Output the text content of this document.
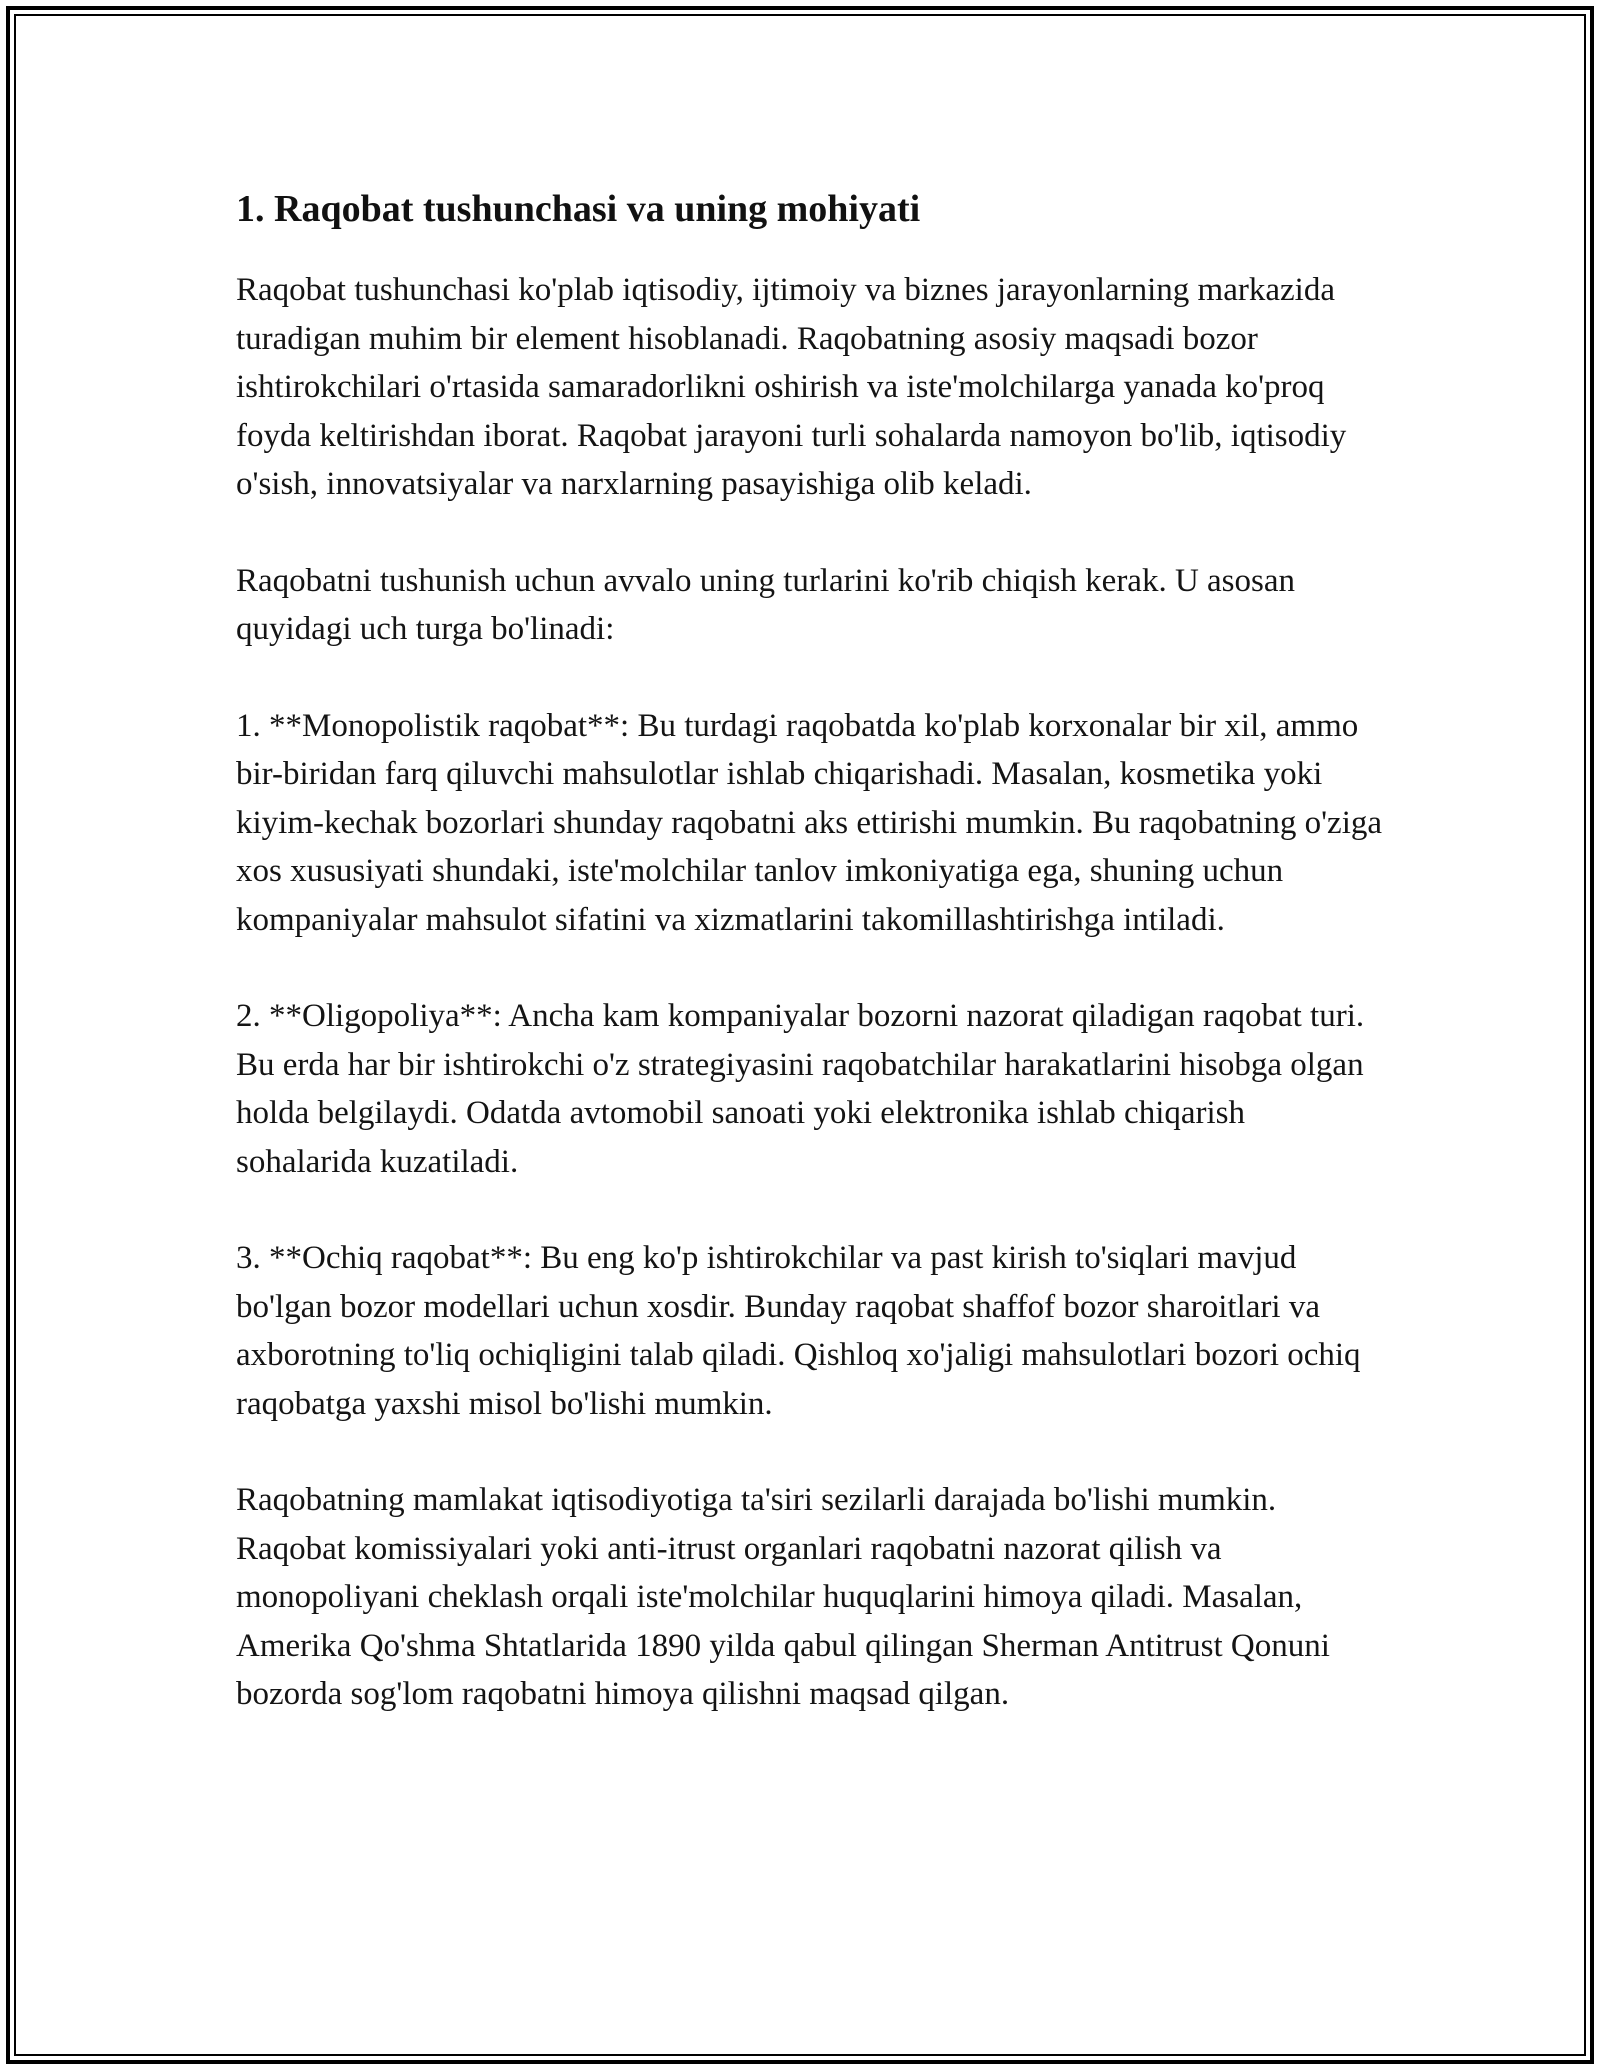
1. Raqobat tushunchasi va uning mohiyati

Raqobat tushunchasi ko'plab iqtisodiy, ijtimoiy va biznes jarayonlarning markazida turadigan muhim bir element hisoblanadi. Raqobatning asosiy maqsadi bozor ishtirokchilari o'rtasida samaradorlikni oshirish va iste'molchilarga yanada ko'proq foyda keltirishdan iborat. Raqobat jarayoni turli sohalarda namoyon bo'lib, iqtisodiy o'sish, innovatsiyalar va narxlarning pasayishiga olib keladi.

Raqobatni tushunish uchun avvalo uning turlarini ko'rib chiqish kerak. U asosan quyidagi uch turga bo'linadi:

1. **Monopolistik raqobat**: Bu turdagi raqobatda ko'plab korxonalar bir xil, ammo bir-biridan farq qiluvchi mahsulotlar ishlab chiqarishadi. Masalan, kosmetika yoki kiyim-kechak bozorlari shunday raqobatni aks ettirishi mumkin. Bu raqobatning o'ziga xos xususiyati shundaki, iste'molchilar tanlov imkoniyatiga ega, shuning uchun kompaniyalar mahsulot sifatini va xizmatlarini takomillashtirishga intiladi.

2. **Oligopoliya**: Ancha kam kompaniyalar bozorni nazorat qiladigan raqobat turi. Bu erda har bir ishtirokchi o'z strategiyasini raqobatchilar harakatlarini hisobga olgan holda belgilaydi. Odatda avtomobil sanoati yoki elektronika ishlab chiqarish sohalarida kuzatiladi.

3. **Ochiq raqobat**: Bu eng ko'p ishtirokchilar va past kirish to'siqlari mavjud bo'lgan bozor modellari uchun xosdir. Bunday raqobat shaffof bozor sharoitlari va axborotning to'liq ochiqligini talab qiladi. Qishloq xo'jaligi mahsulotlari bozori ochiq raqobatga yaxshi misol bo'lishi mumkin.

Raqobatning mamlakat iqtisodiyotiga ta'siri sezilarli darajada bo'lishi mumkin. Raqobat komissiyalari yoki anti-itrust organlari raqobatni nazorat qilish va monopoliyani cheklash orqali iste'molchilar huquqlarini himoya qiladi. Masalan, Amerika Qo'shma Shtatlarida 1890 yilda qabul qilingan Sherman Antitrust Qonuni bozorda sog'lom raqobatni himoya qilishni maqsad qilgan.
